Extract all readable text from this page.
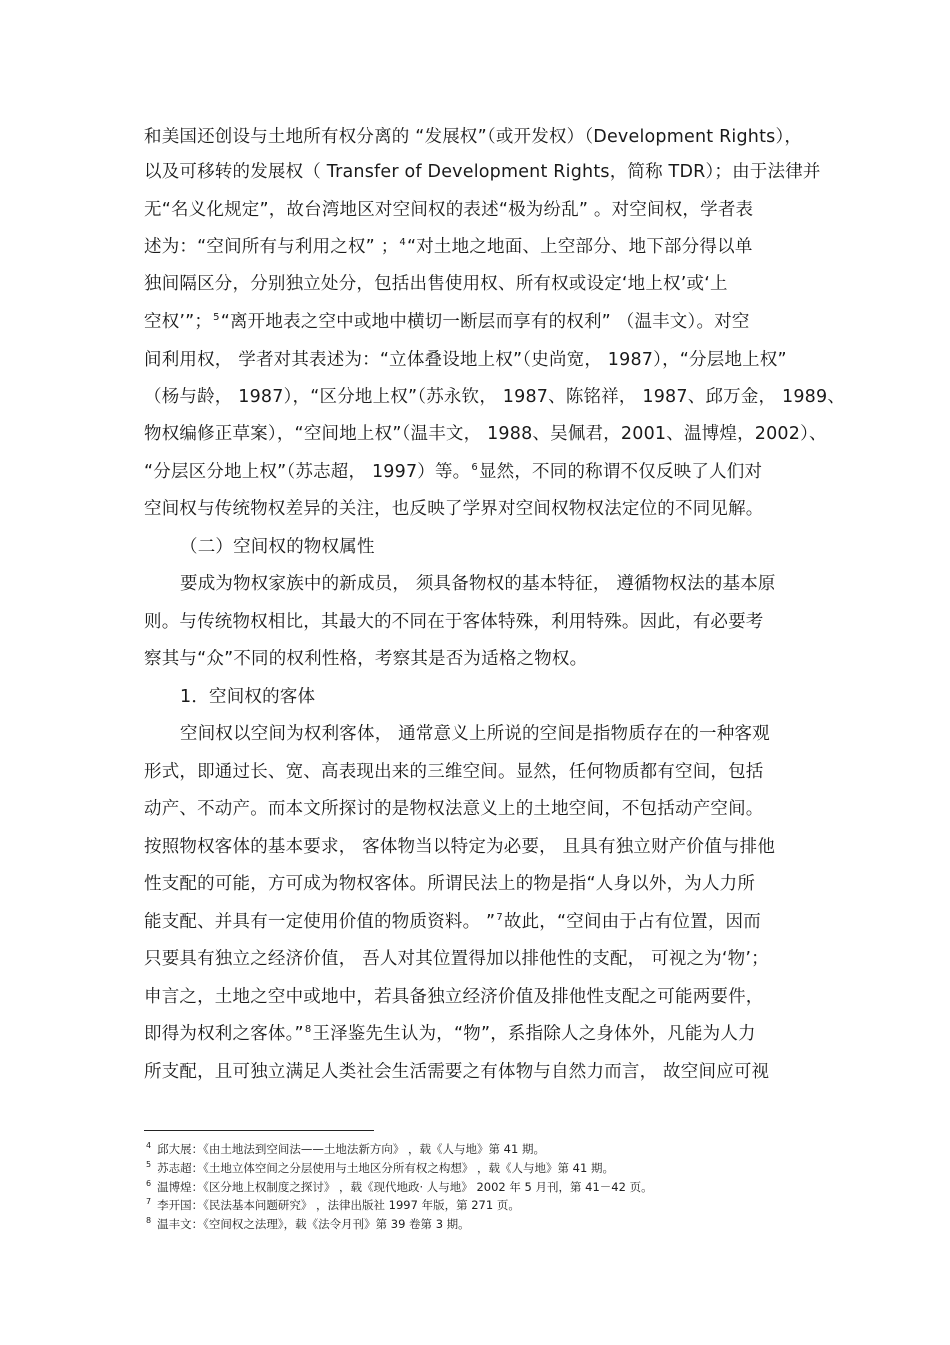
和美国还创设与土地所有权分离的 “发展权”（或开发权）（Development Rights），
以及可移转的发展权（ Transfer of Development Rights，简称 TDR）；由于法律并
无“名义化规定”，故台湾地区对空间权的表述“极为纷乱” 。对空间权，学者表
述为：“空间所有与利用之权” ；$^4$“对土地之地面、上空部分、地下部分得以单
独间隔区分，分别独立处分，包括出售使用权、所有权或设定‘地上权’或‘上
空权’”；$^5$“离开地表之空中或地中横切一断层而享有的权利” （温丰文）。对空
间利用权， 学者对其表述为：“立体叠设地上权”（史尚宽， 1987），“分层地上权”
（杨与龄， 1987），“区分地上权”（苏永钦， 1987、陈铭祥， 1987、邱万金， 1989、
物权编修正草案），“空间地上权”（温丰文， 1988、吴佩君，2001、温博煌，2002）、
“分层区分地上权”（苏志超， 1997）等。$^6$显然，不同的称谓不仅反映了人们对
空间权与传统物权差异的关注，也反映了学界对空间权物权法定位的不同见解。
（二）空间权的物权属性
要成为物权家族中的新成员， 须具备物权的基本特征， 遵循物权法的基本原
则。与传统物权相比，其最大的不同在于客体特殊，利用特殊。因此，有必要考
察其与“众”不同的权利性格，考察其是否为适格之物权。
1．空间权的客体
空间权以空间为权利客体， 通常意义上所说的空间是指物质存在的一种客观
形式，即通过长、宽、高表现出来的三维空间。显然，任何物质都有空间，包括
动产、不动产。而本文所探讨的是物权法意义上的土地空间，不包括动产空间。
按照物权客体的基本要求， 客体物当以特定为必要， 且具有独立财产价值与排他
性支配的可能，方可成为物权客体。所谓民法上的物是指“人身以外，为人力所
能支配、并具有一定使用价值的物质资料。 ”$^7$故此，“空间由于占有位置，因而
只要具有独立之经济价值， 吾人对其位置得加以排他性的支配， 可视之为‘物’；
申言之，土地之空中或地中，若具备独立经济价值及排他性支配之可能两要件，
即得为权利之客体。”$^8$王泽鉴先生认为，“物”，系指除人之身体外，凡能为人力
所支配，且可独立满足人类社会生活需要之有体物与自然力而言， 故空间应可视
$^4$ 邱大展：《由土地法到空间法——土地法新方向》 ，载《人与地》第 41 期。
$^5$ 苏志超：《土地立体空间之分层使用与土地区分所有权之构想》 ，载《人与地》第 41 期。
$^6$ 温博煌：《区分地上权制度之探讨》 ，载《现代地政· 人与地》 2002 年 5 月刊，第 41－42 页。
$^7$ 李开国：《民法基本问题研究》 ，法律出版社 1997 年版，第 271 页。
$^8$ 温丰文：《空间权之法理》，载《法令月刊》第 39 卷第 3 期。
